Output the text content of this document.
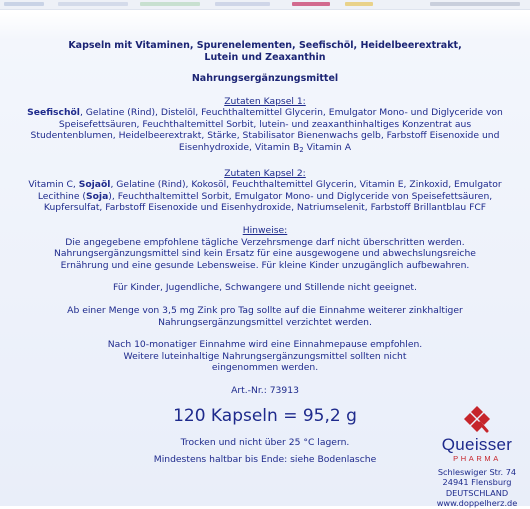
Kapseln mit Vitaminen, Spurenelementen, Seefischöl, Heidelbeerextrakt,
Lutein und Zeaxanthin

Nahrungsergänzungsmittel

Zutaten Kapsel 1:

Seefischöl, Gelatine (Rind), Distelöl, Feuchthaltemittel Glycerin, Emulgator Mono- und Diglyceride von
Speisefettsäuren, Feuchthaltemittel Sorbit, lutein- und zeaxanthinhaltiges Konzentrat aus
Studentenblumen, Heidelbeerextrakt, Stärke, Stabilisator Bienenwachs gelb, Farbstoff Eisenoxide und
Eisenhydroxide, Vitamin $B_2$ Vitamin A

Zutaten Kapsel 2:

Vitamin C, Sojaöl, Gelatine (Rind), Kokosöl, Feuchthaltemittel Glycerin, Vitamin E, Zinkoxid, Emulgator
Lecithine (Soja), Feuchthaltemittel Sorbit, Emulgator Mono- und Diglyceride von Speisefettsäuren,
Kupfersulfat, Farbstoff Eisenoxide und Eisenhydroxide, Natriumselenit, Farbstoff Brillantblau FCF

Hinweise:

Die angegebene empfohlene tägliche Verzehrsmenge darf nicht überschritten werden.
Nahrungsergänzungsmittel sind kein Ersatz für eine ausgewogene und abwechslungsreiche
Ernährung und eine gesunde Lebensweise. Für kleine Kinder unzugänglich aufbewahren.

Für Kinder, Jugendliche, Schwangere und Stillende nicht geeignet.

Ab einer Menge von 3,5 mg Zink pro Tag sollte auf die Einnahme weiterer zinkhaltiger
Nahrungsergänzungsmittel verzichtet werden.

Nach 10-monatiger Einnahme wird eine Einnahmepause empfohlen.
Weitere luteinhaltige Nahrungsergänzungsmittel sollten nicht
eingenommen werden.

Art.-Nr.: 73913

120 Kapseln = 95,2 g

Trocken und nicht über 25 °C lagern.

Mindestens haltbar bis Ende: siehe Bodenlasche

Queisser
PHARMA
Schleswiger Str. 74
24941 Flensburg
DEUTSCHLAND
www.doppelherz.de
